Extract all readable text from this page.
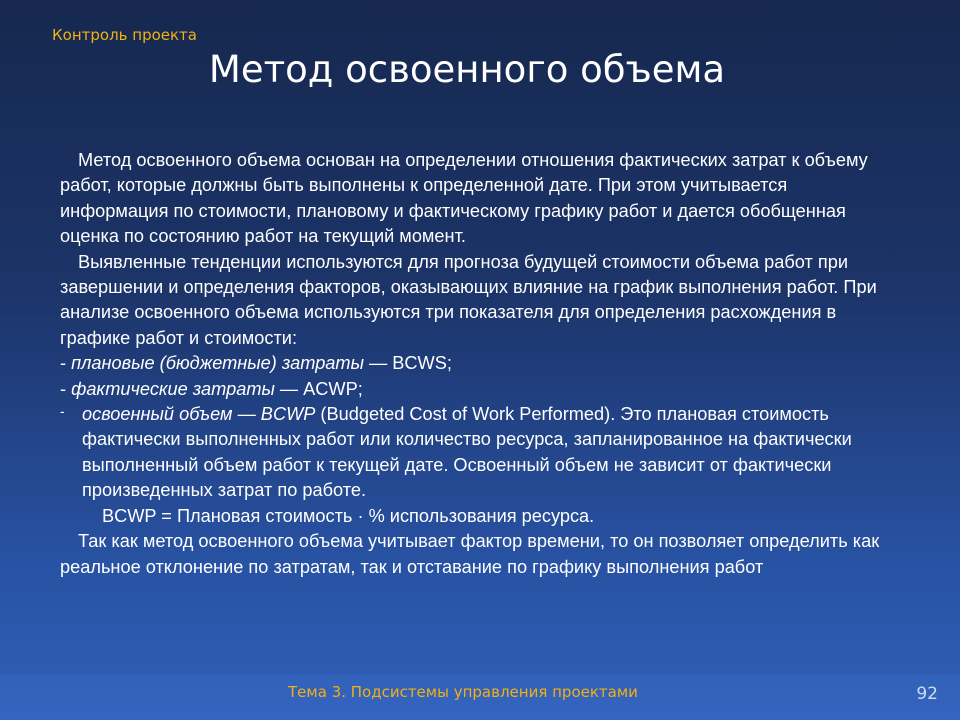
Контроль проекта
Метод освоенного объема

Метод освоенного объема основан на определении отношения фактических затрат к объему работ, которые должны быть выполнены к определенной дате. При этом учитывается информация по стоимости, плановому и фактическому графику работ и дается обобщенная оценка по состоянию работ на текущий момент.

Выявленные тенденции используются для прогноза будущей стоимости объема работ при завершении и определения факторов, оказывающих влияние на график выполнения работ. При анализе освоенного объема используются три показателя для определения расхождения в графике работ и стоимости:

- плановые (бюджетные) затраты — BCWS;

- фактические затраты — ACWP;

- освоенный объем — BCWP (Budgeted Cost of Work Performed). Это плановая стоимость фактически выполненных работ или количество ресурса, запланированное на фактически выполненный объем работ к текущей дате. Освоенный объем не зависит от фактически произведенных затрат по работе.

BCWP = Плановая стоимость · % использования ресурса.

Так как метод освоенного объема учитывает фактор времени, то он позволяет определить как реальное отклонение по затратам, так и отставание по графику выполнения работ

Тема 3. Подсистемы управления проектами	92
